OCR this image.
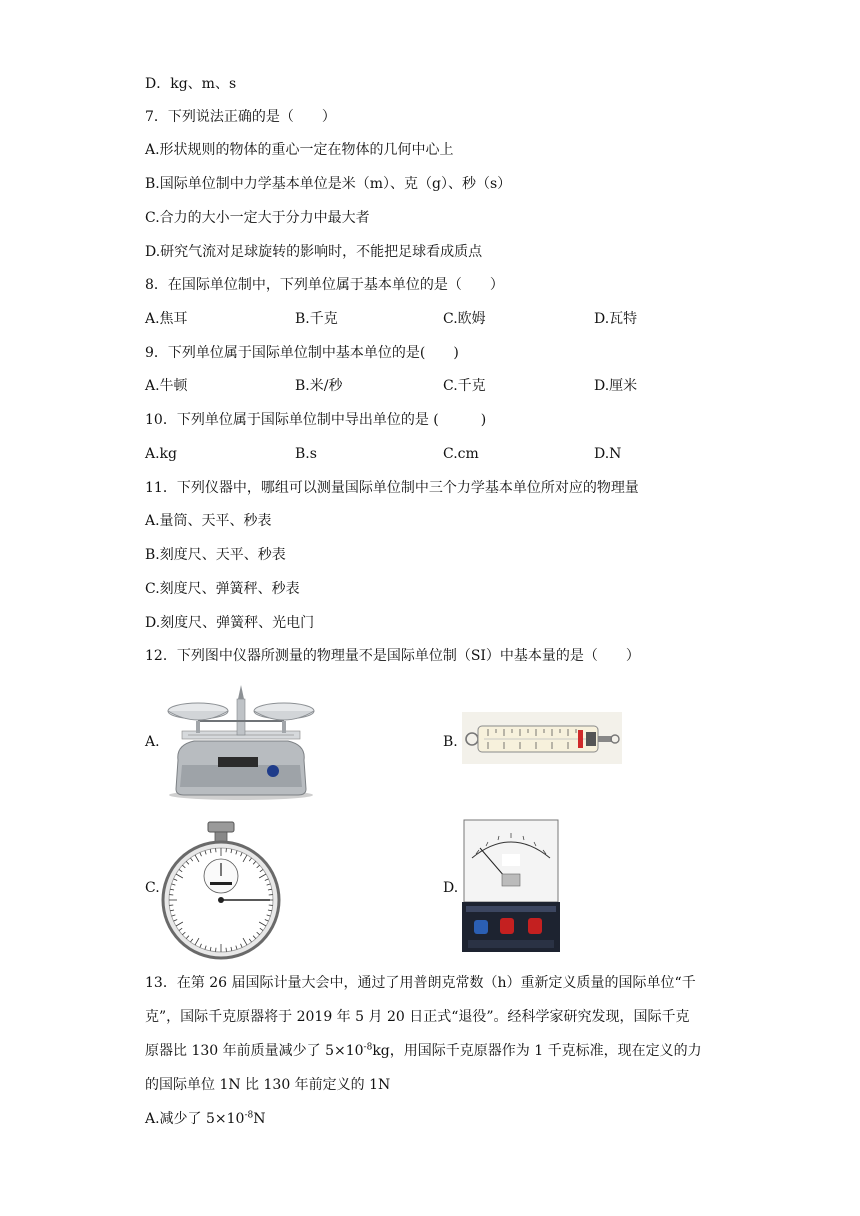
D．kg、m、s
7．下列说法正确的是（　　）
A.形状规则的物体的重心一定在物体的几何中心上
B.国际单位制中力学基本单位是米（m）、克（g）、秒（s）
C.合力的大小一定大于分力中最大者
D.研究气流对足球旋转的影响时，不能把足球看成质点
8．在国际单位制中，下列单位属于基本单位的是（　　）
A.焦耳	B.千克	C.欧姆	D.瓦特
9．下列单位属于国际单位制中基本单位的是(　　)
A.牛顿	B.米/秒	C.千克	D.厘米
10．下列单位属于国际单位制中导出单位的是 (　　　)
A.kg	B.s	C.cm	D.N
11．下列仪器中，哪组可以测量国际单位制中三个力学基本单位所对应的物理量
A.量筒、天平、秒表
B.刻度尺、天平、秒表
C.刻度尺、弹簧秤、秒表
D.刻度尺、弹簧秤、光电门
12．下列图中仪器所测量的物理量不是国际单位制（SI）中基本量的是（　　）
A.	B.
C.	D.
13．在第 26 届国际计量大会中，通过了用普朗克常数（h）重新定义质量的国际单位“千
克”，国际千克原器将于 2019 年 5 月 20 日正式“退役”。经科学家研究发现，国际千克
原器比 130 年前质量减少了 $5\times 10^{-8}kg$，用国际千克原器作为 1 千克标准，现在定义的力
的国际单位 1N 比 130 年前定义的 1N
A.减少了 $5\times 10^{-8}N$
